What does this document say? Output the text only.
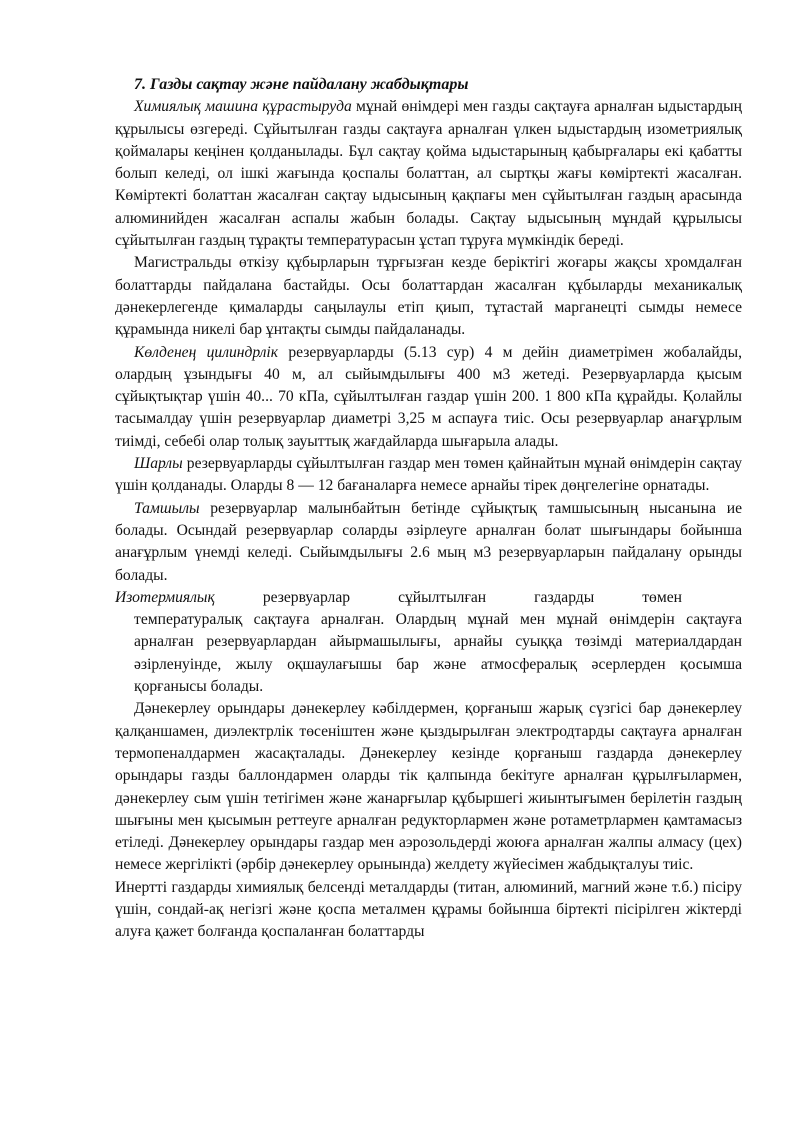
7. Газды сақтау және пайдалану жабдықтары

Химиялық машина құрастыруда мұнай өнімдері мен газды сақтауға арналған ыдыстардың құрылысы өзгереді. Сұйытылған газды сақтауға арналған үлкен ыдыстардың изометриялық қоймалары кеңінен қолданылады. Бұл сақтау қойма ыдыстарының қабырғалары екі қабатты болып келеді, ол ішкі жағында қоспалы болаттан, ал сыртқы жағы көміртекті жасалған. Көміртекті болаттан жасалған сақтау ыдысының қақпағы мен сұйытылған газдың арасында алюминийден жасалған аспалы жабын болады. Сақтау ыдысының мұндай құрылысы сұйытылған газдың тұрақты температурасын ұстап тұруға мүмкіндік береді.

Магистральды өткізу құбырларын тұрғызған кезде беріктігі жоғары жақсы хромдалған болаттарды пайдалана бастайды. Осы болаттардан жасалған құбыларды механикалық дәнекерлегенде қималарды саңылаулы етіп қиып, тұтастай марганецті сымды немесе құрамында никелі бар ұнтақты сымды пайдаланады.

Көлденең цилиндрлік резервуарларды (5.13 сур) 4 м дейін диаметрімен жобалайды, олардың ұзындығы 40 м, ал сыйымдылығы 400 м3 жетеді. Резервуарларда қысым сұйықтықтар үшін 40... 70 кПа, сұйылтылған газдар үшін 200. 1 800 кПа құрайды. Қолайлы тасымалдау үшін резервуарлар диаметрі 3,25 м аспауға тиіс. Осы резервуарлар анағұрлым тиімді, себебі олар толық зауыттық жағдайларда шығарыла алады.

Шарлы резервуарларды сұйылтылған газдар мен төмен қайнайтын мұнай өнімдерін сақтау үшін қолданады. Оларды 8 — 12 бағаналарға немесе арнайы тірек дөңгелегіне орнатады.

Тамшылы резервуарлар малынбайтын бетінде сұйықтық тамшысының нысанына ие болады. Осындай резервуарлар соларды әзірлеуге арналған болат шығындары бойынша анағұрлым үнемді келеді. Сыйымдылығы 2.6 мың м3 резервуарларын пайдалану орынды болады.

Изотермиялық	резервуарлар	сұйылтылған	газдарды	төмен

температуралық сақтауға арналған. Олардың мұнай мен мұнай өнімдерін сақтауға арналған резервуарлардан айырмашылығы, арнайы суыққа төзімді материалдардан әзірленуінде, жылу оқшаулағышы бар және атмосфералық әсерлерден қосымша қорғанысы болады.

Дәнекерлеу орындары дәнекерлеу кәбілдермен, қорғаныш жарық сүзгісі бар дәнекерлеу қалқаншамен, диэлектрлік төсеніштен және қыздырылған электродтарды сақтауға арналған термопеналдармен жасақталады. Дәнекерлеу кезінде қорғаныш газдарда дәнекерлеу орындары газды баллондармен оларды тік қалпында бекітуге арналған құрылғылармен, дәнекерлеу сым үшін тетігімен және жанарғылар құбыршегі жиынтығымен берілетін газдың шығыны мен қысымын реттеуге арналған редукторлармен және ротаметрлармен қамтамасыз етіледі. Дәнекерлеу орындары газдар мен аэрозольдерді жоюға арналған жалпы алмасу (цех) немесе жергілікті (әрбір дәнекерлеу орынында) желдету жүйесімен жабдықталуы тиіс.

Инертті газдарды химиялық белсенді металдарды (титан, алюминий, магний және т.б.) пісіру үшін, сондай-ақ негізгі және қоспа металмен құрамы бойынша біртекті пісірілген жіктерді алуға қажет болғанда қоспаланған болаттарды
